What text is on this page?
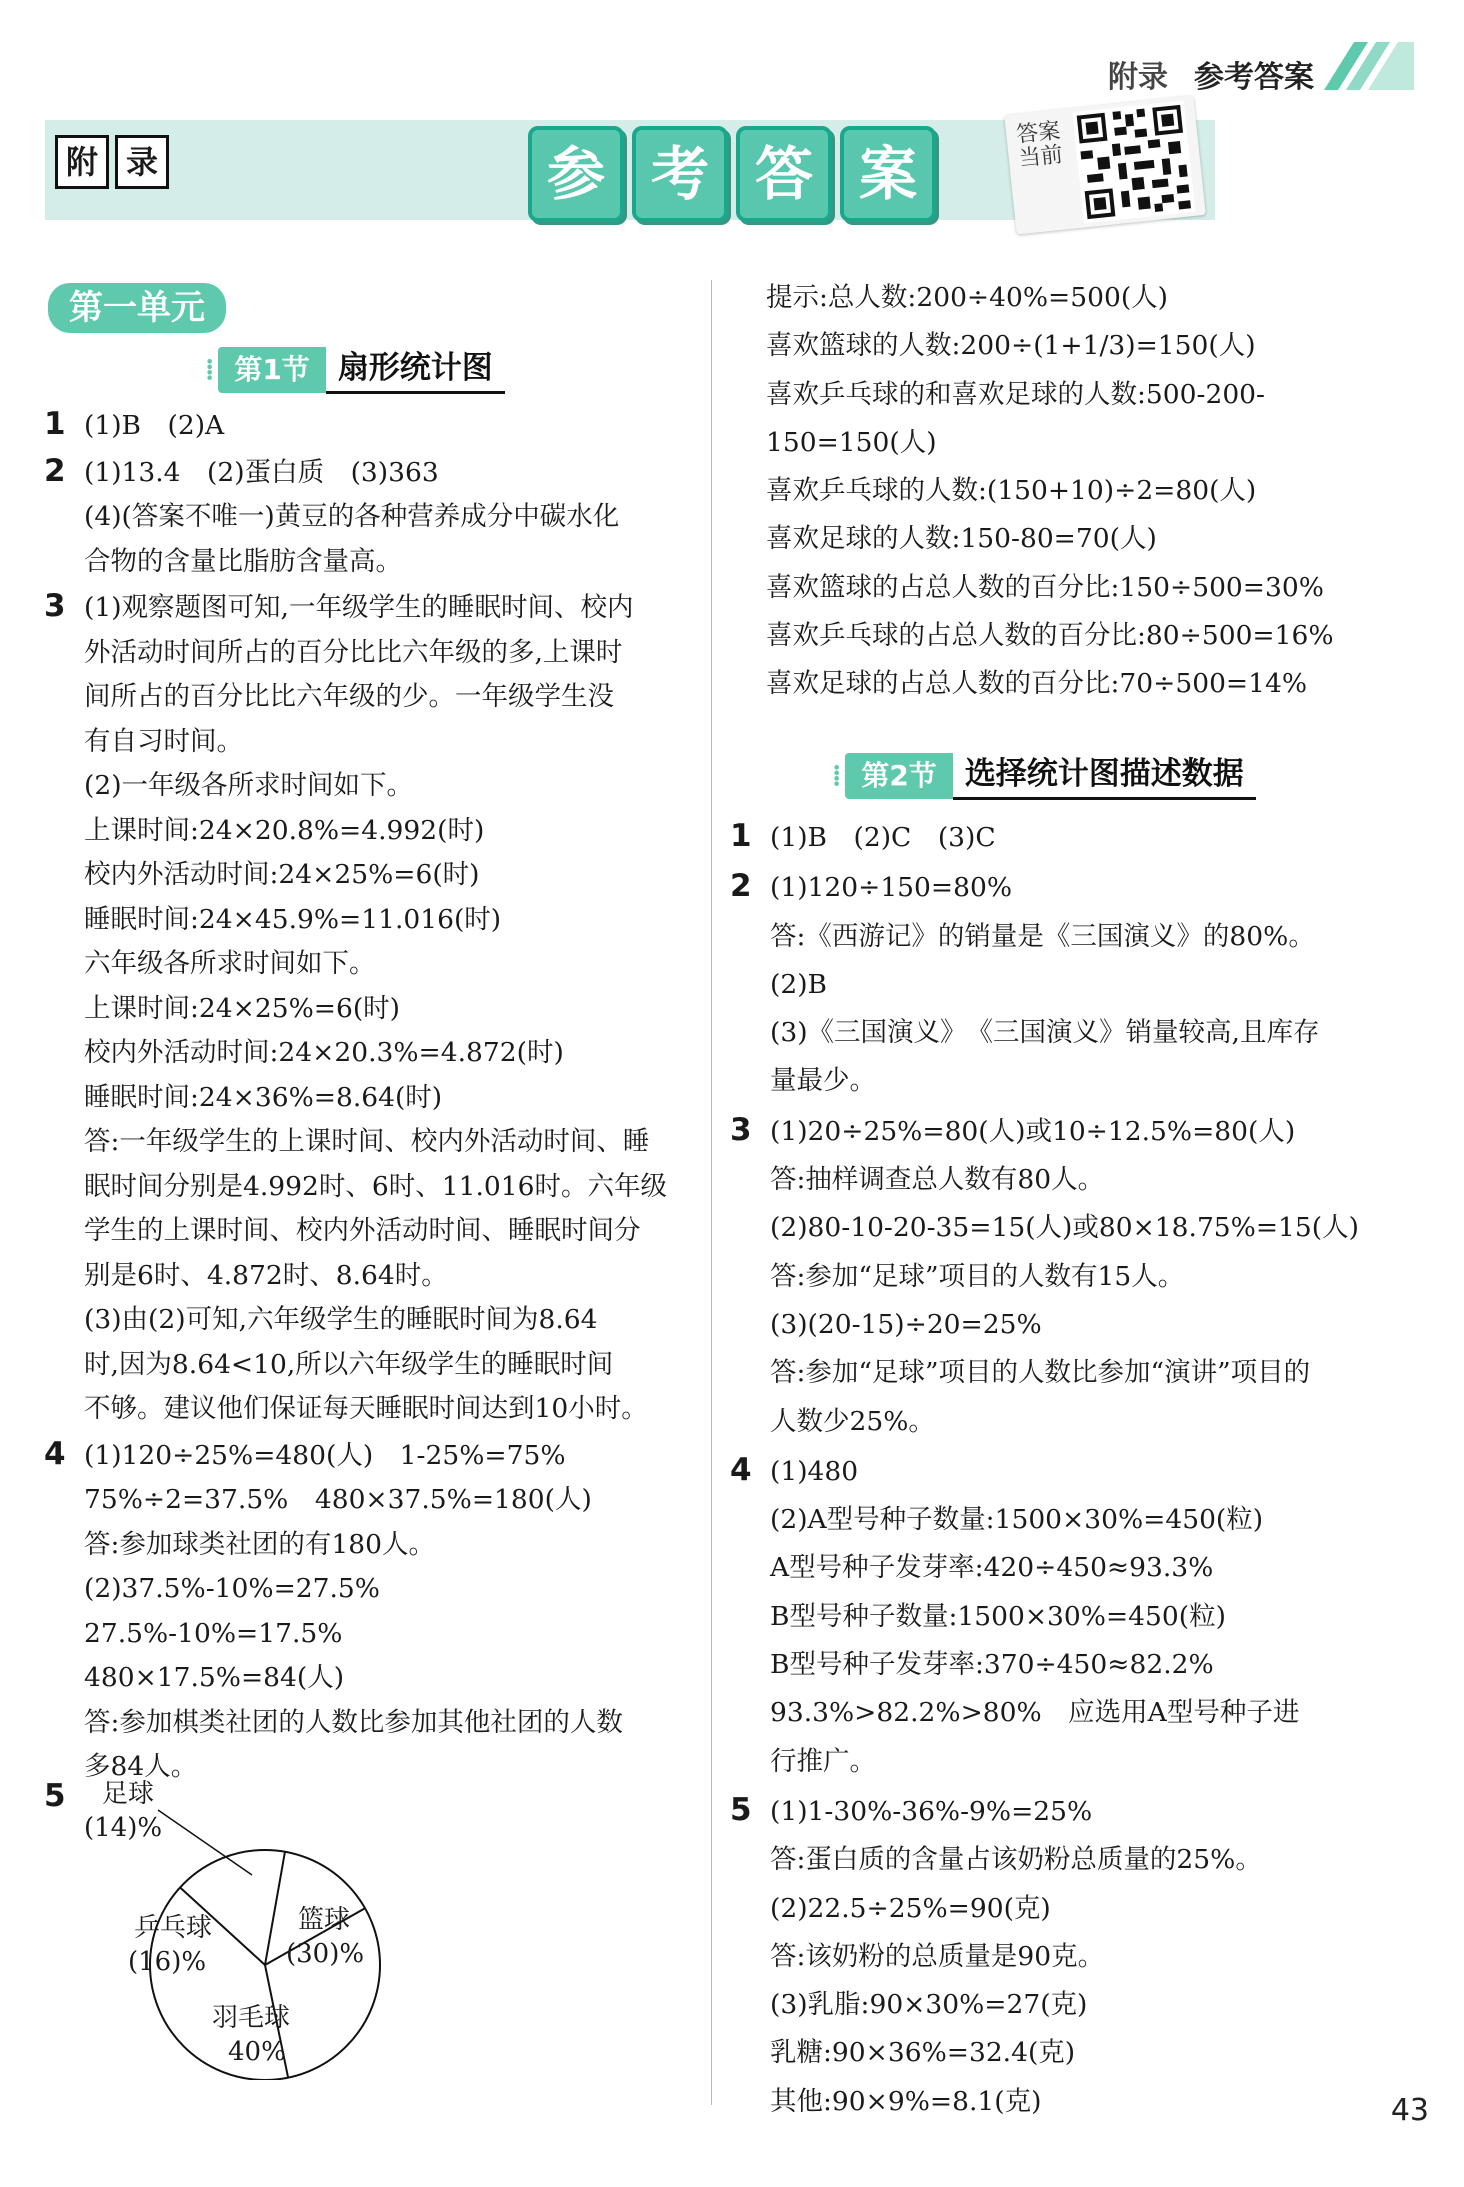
附录 参考答案
附 录	参 考 答 案
答案当前
第一单元
⁞ 第1节 扇形统计图
1 (1)B　(2)A
2 (1)13.4　(2)蛋白质　(3)363
(4)(答案不唯一)黄豆的各种营养成分中碳水化
合物的含量比脂肪含量高。
3 (1)观察题图可知,一年级学生的睡眠时间、校内
外活动时间所占的百分比比六年级的多,上课时
间所占的百分比比六年级的少。一年级学生没
有自习时间。
(2)一年级各所求时间如下。
上课时间:24×20.8%=4.992(时)
校内外活动时间:24×25%=6(时)
睡眠时间:24×45.9%=11.016(时)
六年级各所求时间如下。
上课时间:24×25%=6(时)
校内外活动时间:24×20.3%=4.872(时)
睡眠时间:24×36%=8.64(时)
答:一年级学生的上课时间、校内外活动时间、睡
眠时间分别是4.992时、6时、11.016时。六年级
学生的上课时间、校内外活动时间、睡眠时间分
别是6时、4.872时、8.64时。
(3)由(2)可知,六年级学生的睡眠时间为8.64
时,因为8.64<10,所以六年级学生的睡眠时间
不够。建议他们保证每天睡眠时间达到10小时。
4 (1)120÷25%=480(人)　1-25%=75%
75%÷2=37.5%　480×37.5%=180(人)
答:参加球类社团的有180人。
(2)37.5%-10%=27.5%
27.5%-10%=17.5%
480×17.5%=84(人)
答:参加棋类社团的人数比参加其他社团的人数
多84人。
5 足球
(14)%
篮球
(30)%
羽毛球
40%
乒乓球
(16)%
提示:总人数:200÷40%=500(人)
喜欢篮球的人数:200÷(1+1/3)=150(人)
喜欢乒乓球的和喜欢足球的人数:500-200-
150=150(人)
喜欢乒乓球的人数:(150+10)÷2=80(人)
喜欢足球的人数:150-80=70(人)
喜欢篮球的占总人数的百分比:150÷500=30%
喜欢乒乓球的占总人数的百分比:80÷500=16%
喜欢足球的占总人数的百分比:70÷500=14%
⁞ 第2节 选择统计图描述数据
1 (1)B　(2)C　(3)C
2 (1)120÷150=80%
答:《西游记》的销量是《三国演义》的80%。
(2)B
(3)《三国演义》　《三国演义》销量较高,且库存
量最少。
3 (1)20÷25%=80(人)或10÷12.5%=80(人)
答:抽样调查总人数有80人。
(2)80-10-20-35=15(人)或80×18.75%=15(人)
答:参加“足球”项目的人数有15人。
(3)(20-15)÷20=25%
答:参加“足球”项目的人数比参加“演讲”项目的
人数少25%。
4 (1)480
(2)A型号种子数量:1500×30%=450(粒)
A型号种子发芽率:420÷450≈93.3%
B型号种子数量:1500×30%=450(粒)
B型号种子发芽率:370÷450≈82.2%
93.3%>82.2%>80%　应选用A型号种子进
行推广。
5 (1)1-30%-36%-9%=25%
答:蛋白质的含量占该奶粉总质量的25%。
(2)22.5÷25%=90(克)
答:该奶粉的总质量是90克。
(3)乳脂:90×30%=27(克)
乳糖:90×36%=32.4(克)
其他:90×9%=8.1(克)	43
